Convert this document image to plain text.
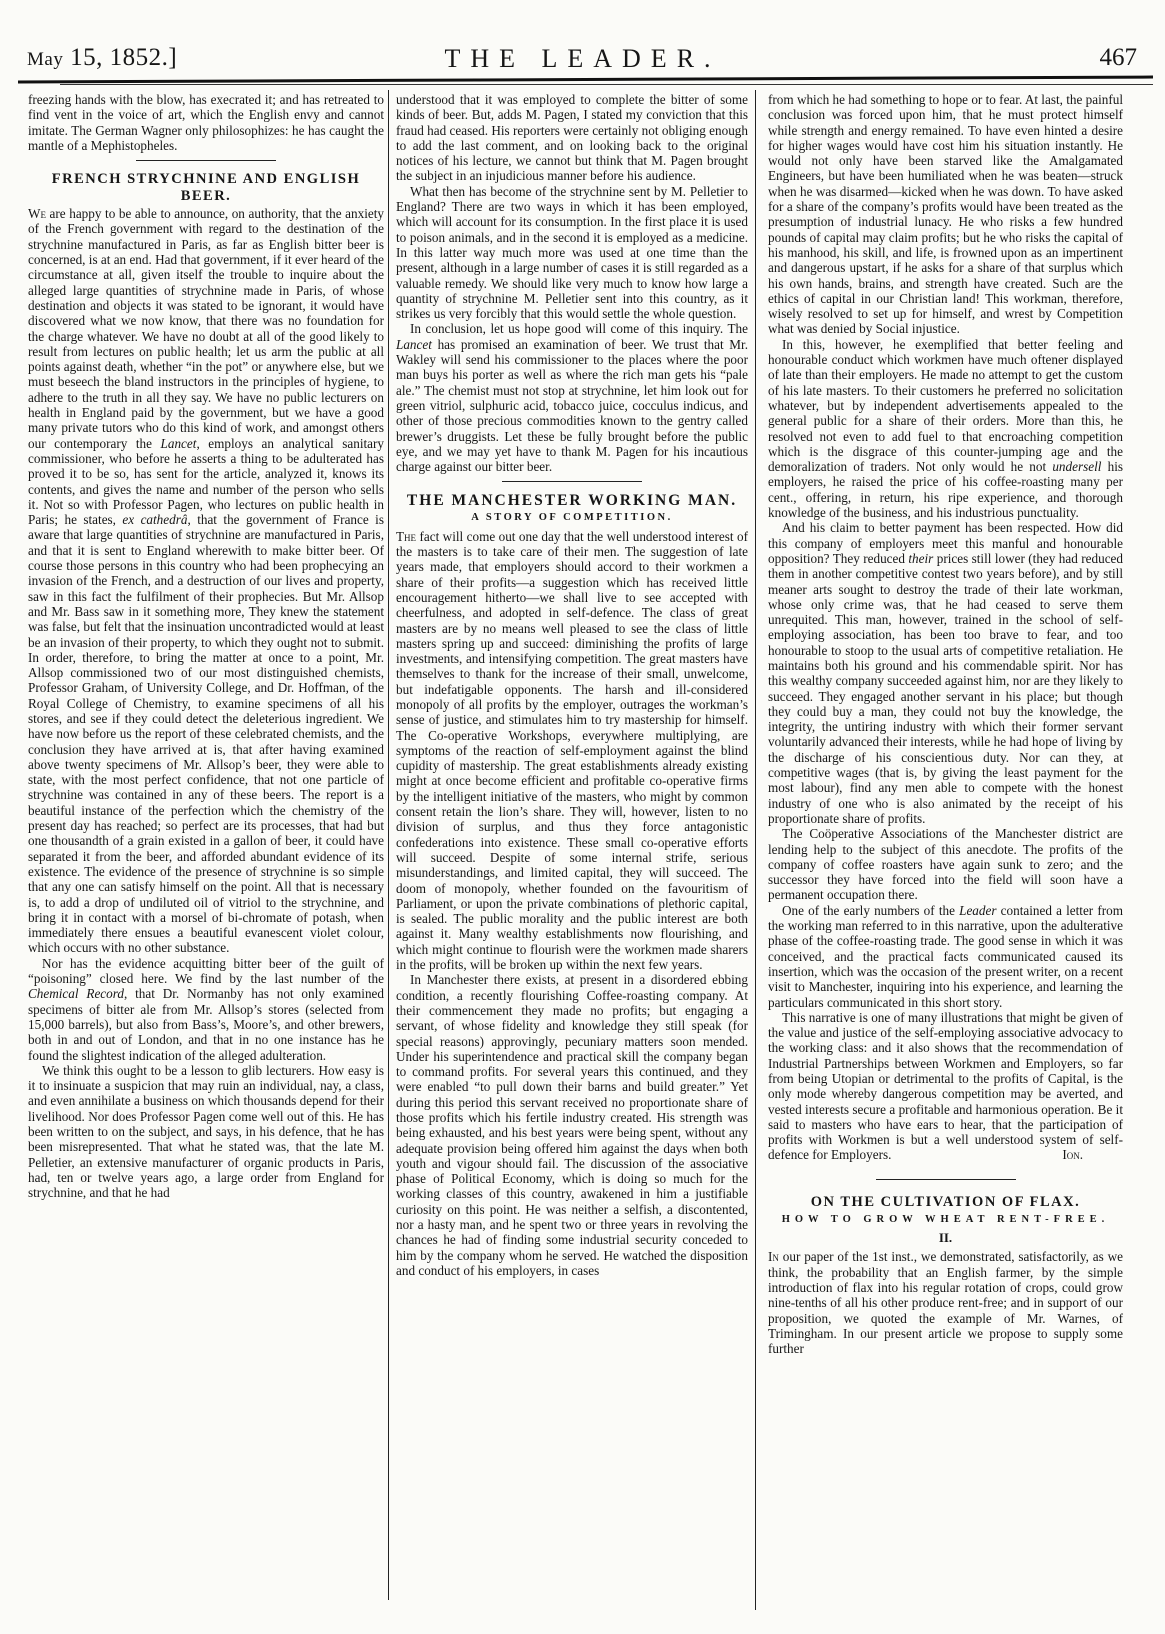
May 15, 1852.]	THE LEADER.	467

freezing hands with the blow, has execrated it; and has retreated to find vent in the voice of art, which the English envy and cannot imitate. The German Wagner only philosophizes: he has caught the mantle of a Mephistopheles.

FRENCH STRYCHNINE AND ENGLISH BEER.

We are happy to be able to announce, on authority, that the anxiety of the French government with regard to the destination of the strychnine manufactured in Paris, as far as English bitter beer is concerned, is at an end. Had that government, if it ever heard of the circumstance at all, given itself the trouble to inquire about the alleged large quantities of strychnine made in Paris, of whose destination and objects it was stated to be ignorant, it would have discovered what we now know, that there was no foundation for the charge whatever. We have no doubt at all of the good likely to result from lectures on public health; let us arm the public at all points against death, whether “in the pot” or anywhere else, but we must beseech the bland instructors in the principles of hygiene, to adhere to the truth in all they say. We have no public lecturers on health in England paid by the government, but we have a good many private tutors who do this kind of work, and amongst others our contemporary the Lancet, employs an analytical sanitary commissioner, who before he asserts a thing to be adulterated has proved it to be so, has sent for the article, analyzed it, knows its contents, and gives the name and number of the person who sells it. Not so with Professor Pagen, who lectures on public health in Paris; he states, ex cathedrâ, that the government of France is aware that large quantities of strychnine are manufactured in Paris, and that it is sent to England wherewith to make bitter beer. Of course those persons in this country who had been prophecying an invasion of the French, and a destruction of our lives and property, saw in this fact the fulfilment of their prophecies. But Mr. Allsop and Mr. Bass saw in it something more, They knew the statement was false, but felt that the insinuation uncontradicted would at least be an invasion of their property, to which they ought not to submit. In order, therefore, to bring the matter at once to a point, Mr. Allsop commissioned two of our most distinguished chemists, Professor Graham, of University College, and Dr. Hoffman, of the Royal College of Chemistry, to examine specimens of all his stores, and see if they could detect the deleterious ingredient. We have now before us the report of these celebrated chemists, and the conclusion they have arrived at is, that after having examined above twenty specimens of Mr. Allsop’s beer, they were able to state, with the most perfect confidence, that not one particle of strychnine was contained in any of these beers. The report is a beautiful instance of the perfection which the chemistry of the present day has reached; so perfect are its processes, that had but one thousandth of a grain existed in a gallon of beer, it could have separated it from the beer, and afforded abundant evidence of its existence. The evidence of the presence of strychnine is so simple that any one can satisfy himself on the point. All that is necessary is, to add a drop of undiluted oil of vitriol to the strychnine, and bring it in contact with a morsel of bi-chromate of potash, when immediately there ensues a beautiful evanescent violet colour, which occurs with no other substance.

Nor has the evidence acquitting bitter beer of the guilt of “poisoning” closed here. We find by the last number of the Chemical Record, that Dr. Normanby has not only examined specimens of bitter ale from Mr. Allsop’s stores (selected from 15,000 barrels), but also from Bass’s, Moore’s, and other brewers, both in and out of London, and that in no one instance has he found the slightest indication of the alleged adulteration.

We think this ought to be a lesson to glib lecturers. How easy is it to insinuate a suspicion that may ruin an individual, nay, a class, and even annihilate a business on which thousands depend for their livelihood. Nor does Professor Pagen come well out of this. He has been written to on the subject, and says, in his defence, that he has been misrepresented. That what he stated was, that the late M. Pelletier, an extensive manufacturer of organic products in Paris, had, ten or twelve years ago, a large order from England for strychnine, and that he had

understood that it was employed to complete the bitter of some kinds of beer. But, adds M. Pagen, I stated my conviction that this fraud had ceased. His reporters were certainly not obliging enough to add the last comment, and on looking back to the original notices of his lecture, we cannot but think that M. Pagen brought the subject in an injudicious manner before his audience.

What then has become of the strychnine sent by M. Pelletier to England? There are two ways in which it has been employed, which will account for its consumption. In the first place it is used to poison animals, and in the second it is employed as a medicine. In this latter way much more was used at one time than the present, although in a large number of cases it is still regarded as a valuable remedy. We should like very much to know how large a quantity of strychnine M. Pelletier sent into this country, as it strikes us very forcibly that this would settle the whole question.

In conclusion, let us hope good will come of this inquiry. The Lancet has promised an examination of beer. We trust that Mr. Wakley will send his commissioner to the places where the poor man buys his porter as well as where the rich man gets his “pale ale.” The chemist must not stop at strychnine, let him look out for green vitriol, sulphuric acid, tobacco juice, cocculus indicus, and other of those precious commodities known to the gentry called brewer’s druggists. Let these be fully brought before the public eye, and we may yet have to thank M. Pagen for his incautious charge against our bitter beer.

THE MANCHESTER WORKING MAN.
A STORY OF COMPETITION.

The fact will come out one day that the well understood interest of the masters is to take care of their men. The suggestion of late years made, that employers should accord to their workmen a share of their profits—a suggestion which has received little encouragement hitherto—we shall live to see accepted with cheerfulness, and adopted in self-defence. The class of great masters are by no means well pleased to see the class of little masters spring up and succeed: diminishing the profits of large investments, and intensifying competition. The great masters have themselves to thank for the increase of their small, unwelcome, but indefatigable opponents. The harsh and ill-considered monopoly of all profits by the employer, outrages the workman’s sense of justice, and stimulates him to try mastership for himself. The Co-operative Workshops, everywhere multiplying, are symptoms of the reaction of self-employment against the blind cupidity of mastership. The great establishments already existing might at once become efficient and profitable co-operative firms by the intelligent initiative of the masters, who might by common consent retain the lion’s share. They will, however, listen to no division of surplus, and thus they force antagonistic confederations into existence. These small co-operative efforts will succeed. Despite of some internal strife, serious misunderstandings, and limited capital, they will succeed. The doom of monopoly, whether founded on the favouritism of Parliament, or upon the private combinations of plethoric capital, is sealed. The public morality and the public interest are both against it. Many wealthy establishments now flourishing, and which might continue to flourish were the workmen made sharers in the profits, will be broken up within the next few years.

In Manchester there exists, at present in a disordered ebbing condition, a recently flourishing Coffee-roasting company. At their commencement they made no profits; but engaging a servant, of whose fidelity and knowledge they still speak (for special reasons) approvingly, pecuniary matters soon mended. Under his superintendence and practical skill the company began to command profits. For several years this continued, and they were enabled “to pull down their barns and build greater.” Yet during this period this servant received no proportionate share of those profits which his fertile industry created. His strength was being exhausted, and his best years were being spent, without any adequate provision being offered him against the days when both youth and vigour should fail. The discussion of the associative phase of Political Economy, which is doing so much for the working classes of this country, awakened in him a justifiable curiosity on this point. He was neither a selfish, a discontented, nor a hasty man, and he spent two or three years in revolving the chances he had of finding some industrial security conceded to him by the company whom he served. He watched the disposition and conduct of his employers, in cases

from which he had something to hope or to fear. At last, the painful conclusion was forced upon him, that he must protect himself while strength and energy remained. To have even hinted a desire for higher wages would have cost him his situation instantly. He would not only have been starved like the Amalgamated Engineers, but have been humiliated when he was beaten—struck when he was disarmed—kicked when he was down. To have asked for a share of the company’s profits would have been treated as the presumption of industrial lunacy. He who risks a few hundred pounds of capital may claim profits; but he who risks the capital of his manhood, his skill, and life, is frowned upon as an impertinent and dangerous upstart, if he asks for a share of that surplus which his own hands, brains, and strength have created. Such are the ethics of capital in our Christian land! This workman, therefore, wisely resolved to set up for himself, and wrest by Competition what was denied by Social injustice.

In this, however, he exemplified that better feeling and honourable conduct which workmen have much oftener displayed of late than their employers. He made no attempt to get the custom of his late masters. To their customers he preferred no solicitation whatever, but by independent advertisements appealed to the general public for a share of their orders. More than this, he resolved not even to add fuel to that encroaching competition which is the disgrace of this counter-jumping age and the demoralization of traders. Not only would he not undersell his employers, he raised the price of his coffee-roasting many per cent., offering, in return, his ripe experience, and thorough knowledge of the business, and his industrious punctuality.

And his claim to better payment has been respected. How did this company of employers meet this manful and honourable opposition? They reduced their prices still lower (they had reduced them in another competitive contest two years before), and by still meaner arts sought to destroy the trade of their late workman, whose only crime was, that he had ceased to serve them unrequited. This man, however, trained in the school of self-employing association, has been too brave to fear, and too honourable to stoop to the usual arts of competitive retaliation. He maintains both his ground and his commendable spirit. Nor has this wealthy company succeeded against him, nor are they likely to succeed. They engaged another servant in his place; but though they could buy a man, they could not buy the knowledge, the integrity, the untiring industry with which their former servant voluntarily advanced their interests, while he had hope of living by the discharge of his conscientious duty. Nor can they, at competitive wages (that is, by giving the least payment for the most labour), find any men able to compete with the honest industry of one who is also animated by the receipt of his proportionate share of profits.

The Coöperative Associations of the Manchester district are lending help to the subject of this anecdote. The profits of the company of coffee roasters have again sunk to zero; and the successor they have forced into the field will soon have a permanent occupation there.

One of the early numbers of the Leader contained a letter from the working man referred to in this narrative, upon the adulterative phase of the coffee-roasting trade. The good sense in which it was conceived, and the practical facts communicated caused its insertion, which was the occasion of the present writer, on a recent visit to Manchester, inquiring into his experience, and learning the particulars communicated in this short story.

This narrative is one of many illustrations that might be given of the value and justice of the self-employing associative advocacy to the working class: and it also shows that the recommendation of Industrial Partnerships between Workmen and Employers, so far from being Utopian or detrimental to the profits of Capital, is the only mode whereby dangerous competition may be averted, and vested interests secure a profitable and harmonious operation. Be it said to masters who have ears to hear, that the participation of profits with Workmen is but a well understood system of self-defence for Employers.	Ion.
ON THE CULTIVATION OF FLAX.
HOW TO GROW WHEAT RENT-FREE.
II.

In our paper of the 1st inst., we demonstrated, satisfactorily, as we think, the probability that an English farmer, by the simple introduction of flax into his regular rotation of crops, could grow nine-tenths of all his other produce rent-free; and in support of our proposition, we quoted the example of Mr. Warnes, of Trimingham. In our present article we propose to supply some further
